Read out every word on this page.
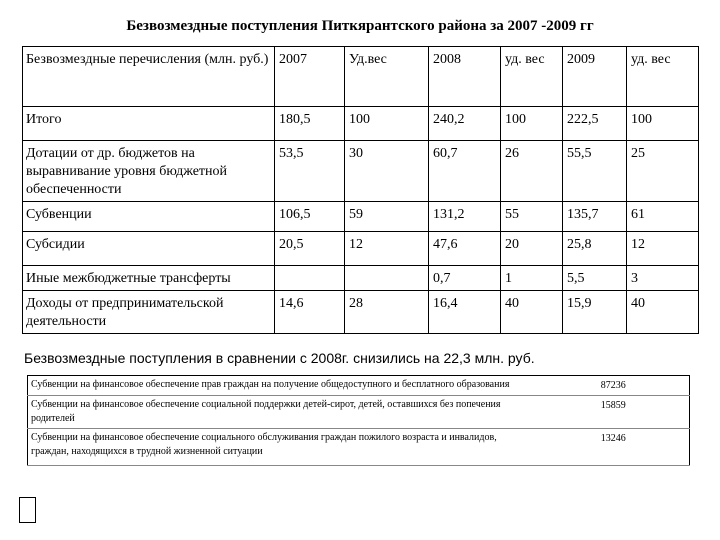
Безвозмездные поступления Питкярантского района за 2007 -2009 гг
Безвозмездные перечисления (млн. руб.)	2007	Уд.вес	2008	уд. вес	2009	уд. вес
Итого	180,5	100	240,2	100	222,5	100
Дотации от др. бюджетов на выравнивание уровня бюджетной обеспеченности	53,5	30	60,7	26	55,5	25
Субвенции	106,5	59	131,2	55	135,7	61
Субсидии	20,5	12	47,6	20	25,8	12
Иные межбюджетные трансферты			0,7	1	5,5	3
Доходы от предпринимательской деятельности	14,6	28	16,4	40	15,9	40
Безвозмездные поступления в сравнении с 2008г. снизились на 22,3 млн. руб.
Субвенции на финансовое обеспечение прав граждан на получение общедоступного и бесплатного образования	87236
Субвенции на финансовое обеспечение социальной поддержки детей-сирот, детей, оставшихся без попечения родителей	15859
Субвенции на финансовое обеспечение социального обслуживания граждан пожилого возраста и инвалидов, граждан, находящихся в трудной жизненной ситуации	13246
